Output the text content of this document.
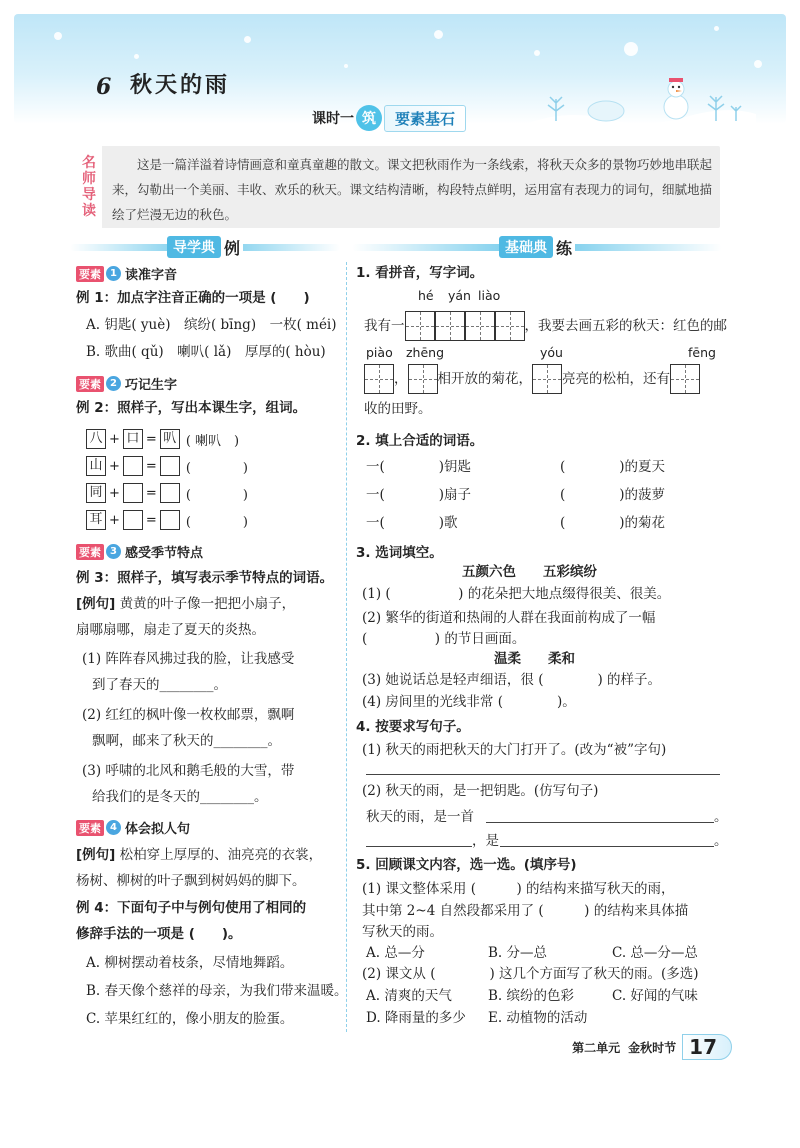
6 秋天的雨
课时一 筑	要素基石
名
师
导
读
这是一篇洋溢着诗情画意和童真童趣的散文。课文把秋雨作为一条线索，将秋天众多的景物巧妙地串联起来，勾勒出一个美丽、丰收、欢乐的秋天。课文结构清晰，构段特点鲜明，运用富有表现力的词句，细腻地描绘了烂漫无边的秋色。
导学典 例	基础典 练
要素 1 读准字音
例 1：加点字注音正确的一项是 (　　)
A. 钥匙( yuè)　缤纷( bīng)　一枚( méi)
B. 歌曲( qǔ)　喇叭( lǎ)　厚厚的( hòu)
要素 2 巧记生字
例 2：照样子，写出本课生字，组词。
八 + 口 = 叭 ( 喇叭　)
山 + = (　　　　)
同 + = (　　　　)
耳 + = (　　　　)
要素 3 感受季节特点
例 3：照样子，填写表示季节特点的词语。
[例句] 黄黄的叶子像一把把小扇子，
扇哪扇哪，扇走了夏天的炎热。
(1) 阵阵春风拂过我的脸，让我感受
到了春天的________。
(2) 红红的枫叶像一枚枚邮票，飘啊
飘啊，邮来了秋天的________。
(3) 呼啸的北风和鹅毛般的大雪，带
给我们的是冬天的________。
要素 4 体会拟人句
[例句] 松柏穿上厚厚的、油亮亮的衣裳，
杨树、柳树的叶子飘到树妈妈的脚下。
例 4：下面句子中与例句使用了相同的
修辞手法的一项是 (　　)。
A. 柳树摆动着枝条，尽情地舞蹈。
B. 春天像个慈祥的母亲，为我们带来温暖。
C. 苹果红红的，像小朋友的脸蛋。
1. 看拼音，写字词。
hé yán liào
我有一	，我要去画五彩的秋天：红色的邮
piào zhēng	yóu	fēng
， 相开放的菊花， 亮亮的松柏，还有
收的田野。
2. 填上合适的词语。
一(　　　　)钥匙	(　　　　)的夏天
一(　　　　)扇子	(　　　　)的菠萝
一(　　　　)歌	(　　　　)的菊花
3. 选词填空。
五颜六色　　五彩缤纷
(1) (　　　　　) 的花朵把大地点缀得很美、很美。
(2) 繁华的街道和热闹的人群在我面前构成了一幅
(　　　　　) 的节日画面。
温柔　　柔和
(3) 她说话总是轻声细语，很 (　　　　) 的样子。
(4) 房间里的光线非常 (　　　　)。
4. 按要求写句子。
(1) 秋天的雨把秋天的大门打开了。(改为“被”字句)
(2) 秋天的雨，是一把钥匙。(仿写句子)
秋天的雨，是一首	。
，是	。
5. 回顾课文内容，选一选。(填序号)
(1) 课文整体采用 (　　　) 的结构来描写秋天的雨，
其中第 2~4 自然段都采用了 (　　　) 的结构来具体描
写秋天的雨。
A. 总—分	B. 分—总	C. 总—分—总
(2) 课文从 (　　　　) 这几个方面写了秋天的雨。(多选)
A. 清爽的天气	B. 缤纷的色彩	C. 好闻的气味
D. 降雨量的多少 E. 动植物的活动
第二单元 金秋时节 17
